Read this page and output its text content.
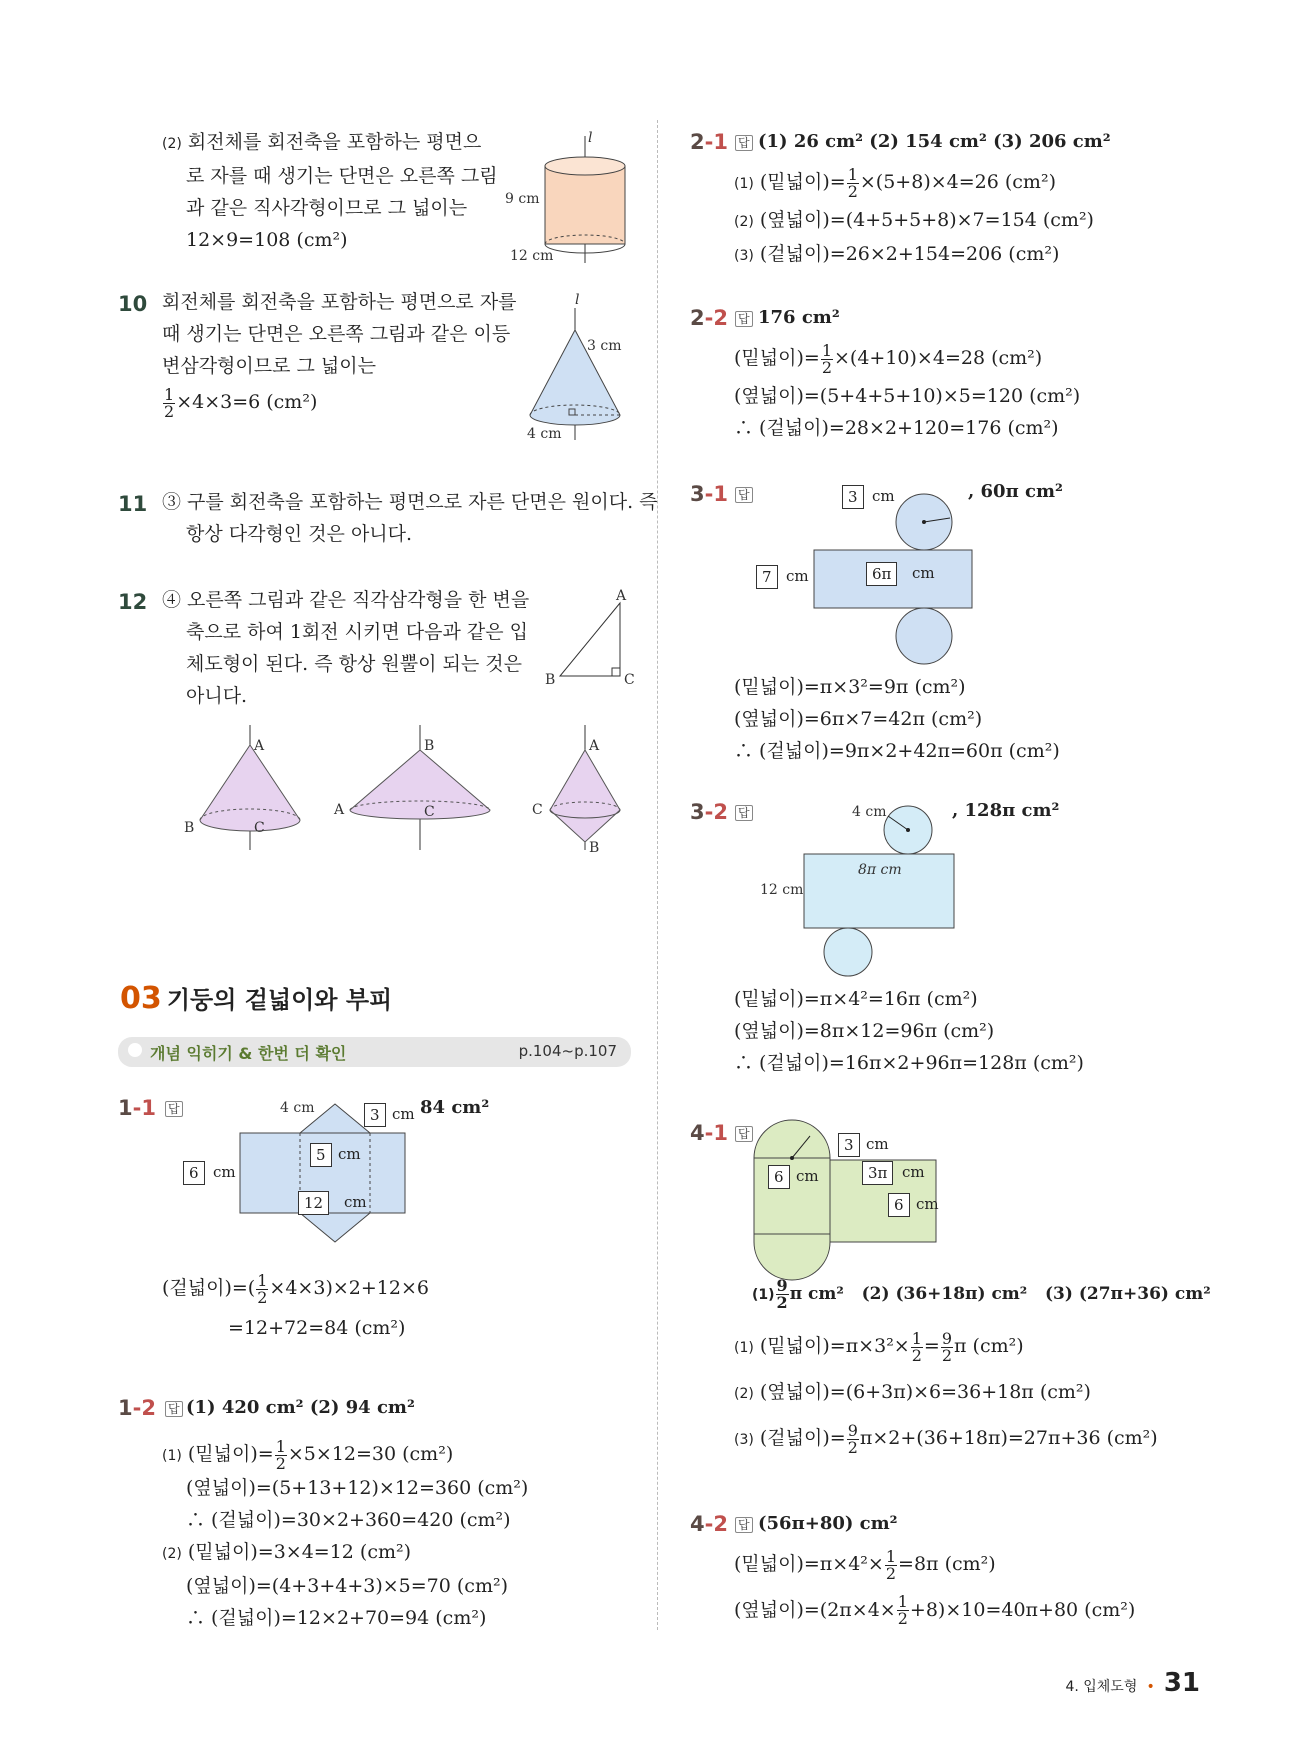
(2) 회전체를 회전축을 포함하는 평면으
로 자를 때 생기는 단면은 오른쪽 그림
과 같은 직사각형이므로 그 넓이는
12×9=108 (cm²)
l
9 cm
12 cm
10 회전체를 회전축을 포함하는 평면으로 자를
때 생기는 단면은 오른쪽 그림과 같은 이등
변삼각형이므로 그 넓이는
$\frac{1}{2} \times 4\times 3=6$ (cm²)
l
3 cm
4 cm
11 ③ 구를 회전축을 포함하는 평면으로 자른 단면은 원이다. 즉
항상 다각형인 것은 아니다.
12 ④ 오른쪽 그림과 같은 직각삼각형을 한 변을
축으로 하여 1회전 시키면 다음과 같은 입
체도형이 된다. 즉 항상 원뿔이 되는 것은
아니다.
A
B	C
A
B	C
B
A	C
A
C
B
03 기둥의 겉넓이와 부피
개념 익히기 & 한번 더 확인	p.104~p.107
1-1 답	4 cm	3 cm 84 cm²
6 cm
5 cm
12	cm
(겉넓이)=( $\frac{1}{2} \times 4\times 3)\times 2+12\times 6$
=12+72=84 (cm²)
1-2 답 (1) 420 cm² (2) 94 cm²
(1) (밑넓이)= $\frac{1}{2} \times 5\times 12=30$ (cm²)
(옆넓이)=(5+13+12)×12=360 (cm²)
∴ (겉넓이)=30×2+360=420 (cm²)
(2) (밑넓이)=3×4=12 (cm²)
(옆넓이)=(4+3+4+3)×5=70 (cm²)
∴ (겉넓이)=12×2+70=94 (cm²)
2-1 답 (1) 26 cm² (2) 154 cm² (3) 206 cm²
(1) (밑넓이)= $\frac{1}{2} \times(5+8)\times 4=26$ (cm²)
(2) (옆넓이)=(4+5+5+8)×7=154 (cm²)
(3) (겉넓이)=26×2+154=206 (cm²)
2-2 답 176 cm²
(밑넓이)= $\frac{1}{2} \times(4+10)\times 4=28$ (cm²)
(옆넓이)=(5+4+5+10)×5=120 (cm²)
∴ (겉넓이)=28×2+120=176 (cm²)
3-1 답	3 cm	, 60π cm²
7 cm	6π	cm
(밑넓이)=π×3²=9π (cm²)
(옆넓이)=6π×7=42π (cm²)
∴ (겉넓이)=9π×2+42π=60π (cm²)
3-2 답	4 cm
12 cm
8π cm
, 128π cm²
(밑넓이)=π×4²=16π (cm²)
(옆넓이)=8π×12=96π (cm²)
∴ (겉넓이)=16π×2+96π=128π (cm²)
4-1 답
3 cm
6 cm	3π cm
6 cm
$(1) \frac{9}{2}$ π cm² (2) (36+18π) cm² (3) (27π+36) cm²
(1) (밑넓이)$=\pi\times 3^2\times \frac{1}{2} = \frac{9}{2}$ π (cm²)
(2) (옆넓이)=(6+3π)×6=36+18π (cm²)
(3) (겉넓이)= $\frac{9}{2} \pi\times 2+(36+18\pi)=27\pi+36$ (cm²)
4-2 답 (56π+80) cm²
(밑넓이)$=\pi\times 4^2\times \frac{1}{2} =8\pi$ (cm²)
(옆넓이)$=(2\pi\times 4\times \frac{1}{2} +8)\times 10=40\pi+80$ (cm²)
4. 입체도형 • 31
